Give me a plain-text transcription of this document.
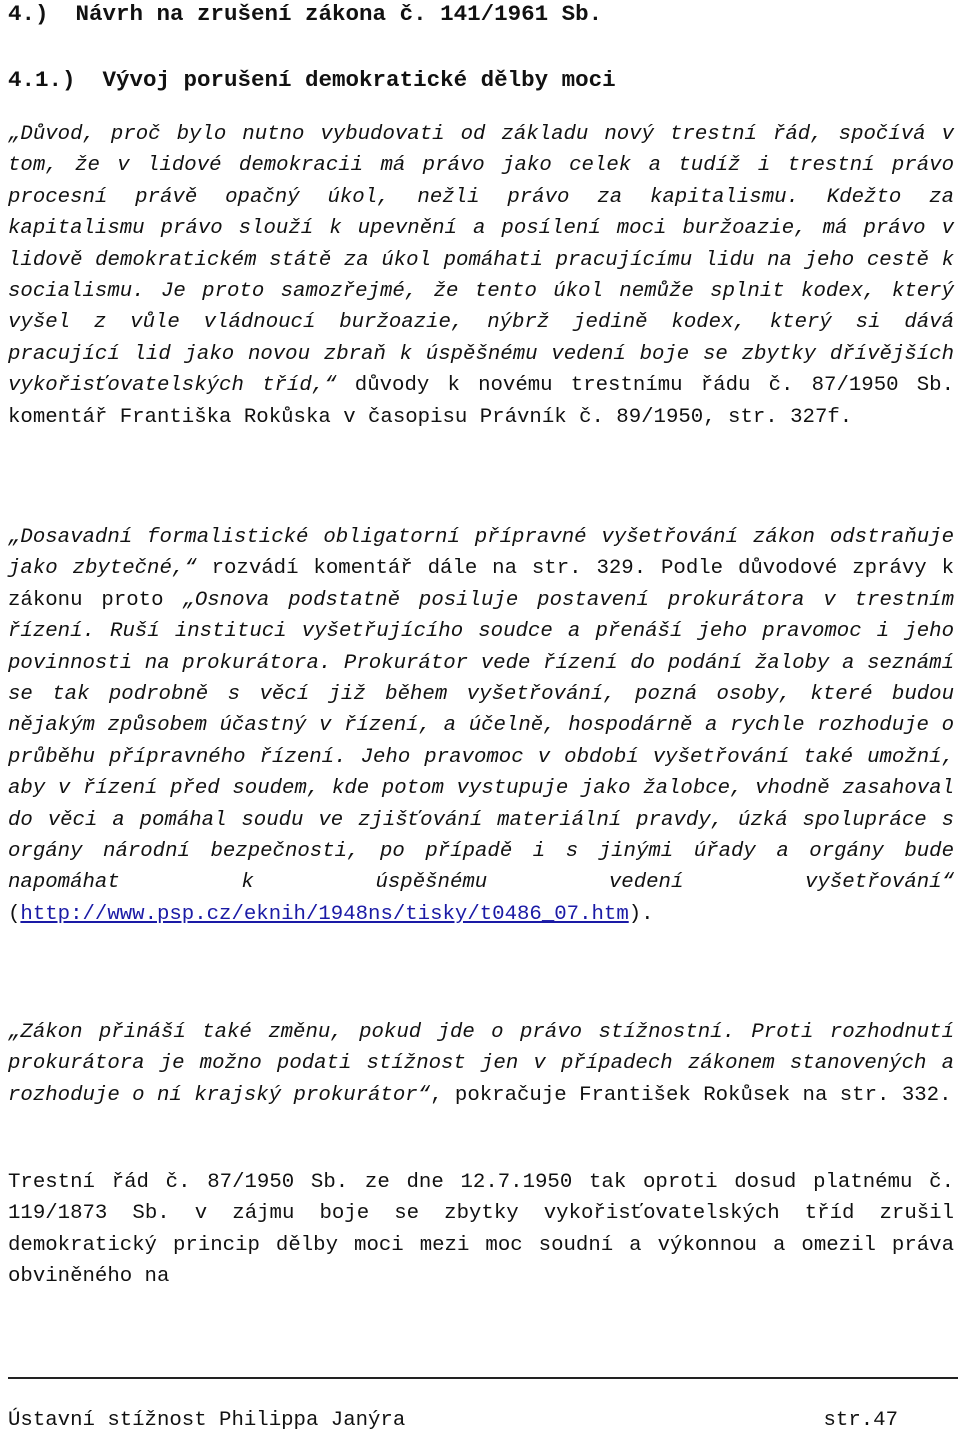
4.)  Návrh na zrušení zákona č. 141/1961 Sb.
4.1.)  Vývoj porušení demokratické dělby moci

„Důvod, proč bylo nutno vybudovati od základu nový trestní řád, spočívá v tom, že v lidové demokracii má právo jako celek a tudíž i trestní právo procesní právě opačný úkol, nežli právo za kapitalismu. Kdežto za kapitalismu právo slouží k upevnění a posílení moci buržoazie, má právo v lidově demokratickém státě za úkol pomáhati pracujícímu lidu na jeho cestě k socialismu. Je proto samozřejmé, že tento úkol nemůže splnit kodex, který vyšel z vůle vládnoucí buržoazie, nýbrž jedině kodex, který si dává pracující lid jako novou zbraň k úspěšnému vedení boje se zbytky dřívějších vykořisťovatelských tříd,“ důvody k novému trestnímu řádu č. 87/1950 Sb. komentář Františka Rokůska v časopisu Právník č. 89/1950, str. 327f.

„Dosavadní formalistické obligatorní přípravné vyšetřování zákon odstraňuje jako zbytečné,“ rozvádí komentář dále na str. 329. Podle důvodové zprávy k zákonu proto „Osnova podstatně posiluje postavení prokurátora v trestním řízení. Ruší instituci vyšetřujícího soudce a přenáší jeho pravomoc i jeho povinnosti na prokurátora. Prokurátor vede řízení do podání žaloby a seznámí se tak podrobně s věcí již během vyšetřování, pozná osoby, které budou nějakým způsobem účastný v řízení, a účelně, hospodárně a rychle rozhoduje o průběhu přípravného řízení. Jeho pravomoc v období vyšetřování také umožní, aby v řízení před soudem, kde potom vystupuje jako žalobce, vhodně zasahoval do věci a pomáhal soudu ve zjišťování materiální pravdy, úzká spolupráce s orgány národní bezpečnosti, po případě i s jinými úřady a orgány bude napomáhat k úspěšnému vedení vyšetřování“ (http://www.psp.cz/eknih/1948ns/tisky/t0486_07.htm).

„Zákon přináší také změnu, pokud jde o právo stížnostní. Proti rozhodnutí prokurátora je možno podati stížnost jen v případech zákonem stanovených a rozhoduje o ní krajský prokurátor“, pokračuje František Rokůsek na str. 332.

Trestní řád č. 87/1950 Sb. ze dne 12.7.1950 tak oproti dosud platnému č. 119/1873 Sb. v zájmu boje se zbytky vykořisťovatelských tříd zrušil demokratický princip dělby moci mezi moc soudní a výkonnou a omezil práva obviněného na

Ústavní stížnost Philippa Janýra	str.47
